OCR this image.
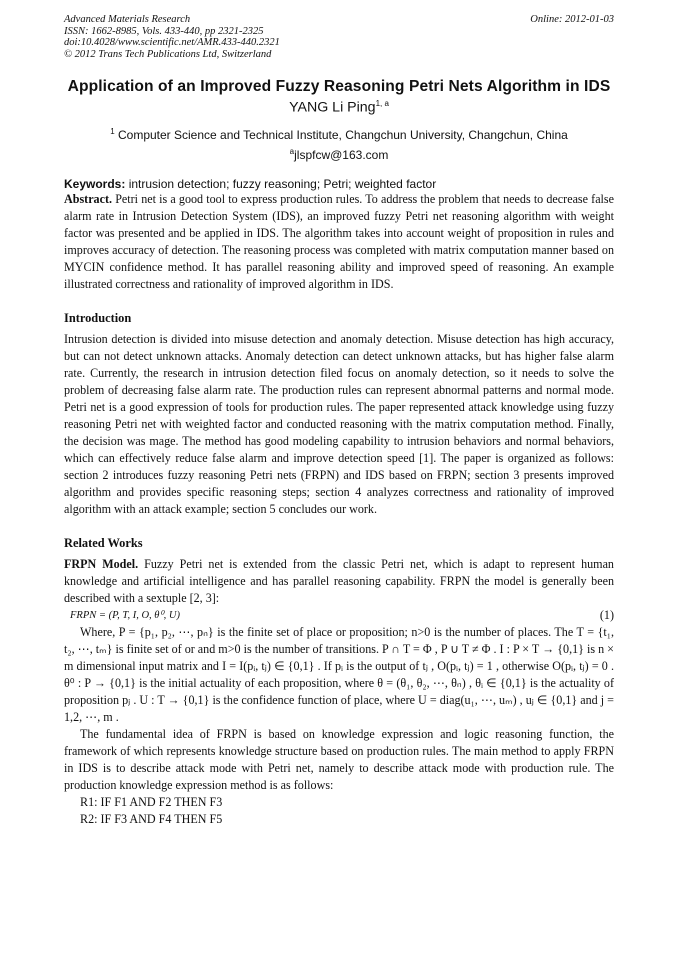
Advanced Materials Research
ISSN: 1662-8985, Vols. 433-440, pp 2321-2325
doi:10.4028/www.scientific.net/AMR.433-440.2321
© 2012 Trans Tech Publications Ltd, Switzerland
Online: 2012-01-03
Application of an Improved Fuzzy Reasoning Petri Nets Algorithm in IDS
YANG Li Ping$^{1, a}$
$^1$ Computer Science and Technical Institute, Changchun University, Changchun, China
$^a$jlspfcw@163.com
Keywords: intrusion detection; fuzzy reasoning; Petri; weighted factor

Abstract. Petri net is a good tool to express production rules. To address the problem that needs to decrease false alarm rate in Intrusion Detection System (IDS), an improved fuzzy Petri net reasoning algorithm with weight factor was presented and be applied in IDS. The algorithm takes into account weight of proposition in rules and improves accuracy of detection. The reasoning process was completed with matrix computation manner based on MYCIN confidence method. It has parallel reasoning ability and improved speed of reasoning. An example illustrated correctness and rationality of improved algorithm in IDS.

Introduction

Intrusion detection is divided into misuse detection and anomaly detection. Misuse detection has high accuracy, but can not detect unknown attacks. Anomaly detection can detect unknown attacks, but has higher false alarm rate. Currently, the research in intrusion detection filed focus on anomaly detection, so it needs to solve the problem of decreasing false alarm rate. The production rules can represent abnormal patterns and normal mode. Petri net is a good expression of tools for production rules. The paper represented attack knowledge using fuzzy reasoning Petri net with weighted factor and conducted reasoning with the matrix computation method. Finally, the decision was mage. The method has good modeling capability to intrusion behaviors and normal behaviors, which can effectively reduce false alarm and improve detection speed [1]. The paper is organized as follows: section 2 introduces fuzzy reasoning Petri nets (FRPN) and IDS based on FRPN; section 3 presents improved algorithm and provides specific reasoning steps; section 4 analyzes correctness and rationality of improved algorithm with an attack example; section 5 concludes our work.

Related Works

FRPN Model. Fuzzy Petri net is extended from the classic Petri net, which is adapt to represent human knowledge and artificial intelligence and has parallel reasoning capability. FRPN the model is generally been described with a sextuple [2, 3]:

FRPN = (P, T, I, O, θ⁰, U)	(1)

Where, P = {p₁, p₂, ⋯, pₙ} is the finite set of place or proposition; n>0 is the number of places. The T = {t₁, t₂, ⋯, tₘ} is finite set of or and m>0 is the number of transitions. P ∩ T = Φ , P ∪ T ≠ Φ . I : P × T → {0,1} is n × m dimensional input matrix and I = I(pᵢ, tⱼ) ∈ {0,1} . If pᵢ is the output of tⱼ , O(pᵢ, tⱼ) = 1 , otherwise O(pᵢ, tⱼ) = 0 . θ⁰ : P → {0,1} is the initial actuality of each proposition, where θ = (θ₁, θ₂, ⋯, θₙ) , θᵢ ∈ {0,1} is the actuality of proposition pⱼ . U : T → {0,1} is the confidence function of place, where U = diag(u₁, ⋯, uₘ) , uⱼ ∈ {0,1} and j = 1,2, ⋯, m .

The fundamental idea of FRPN is based on knowledge expression and logic reasoning function, the framework of which represents knowledge structure based on production rules. The main method to apply FRPN in IDS is to describe attack mode with Petri net, namely to describe attack mode with production rule. The production knowledge expression method is as follows:

R1: IF F1 AND F2 THEN F3
R2: IF F3 AND F4 THEN F5
